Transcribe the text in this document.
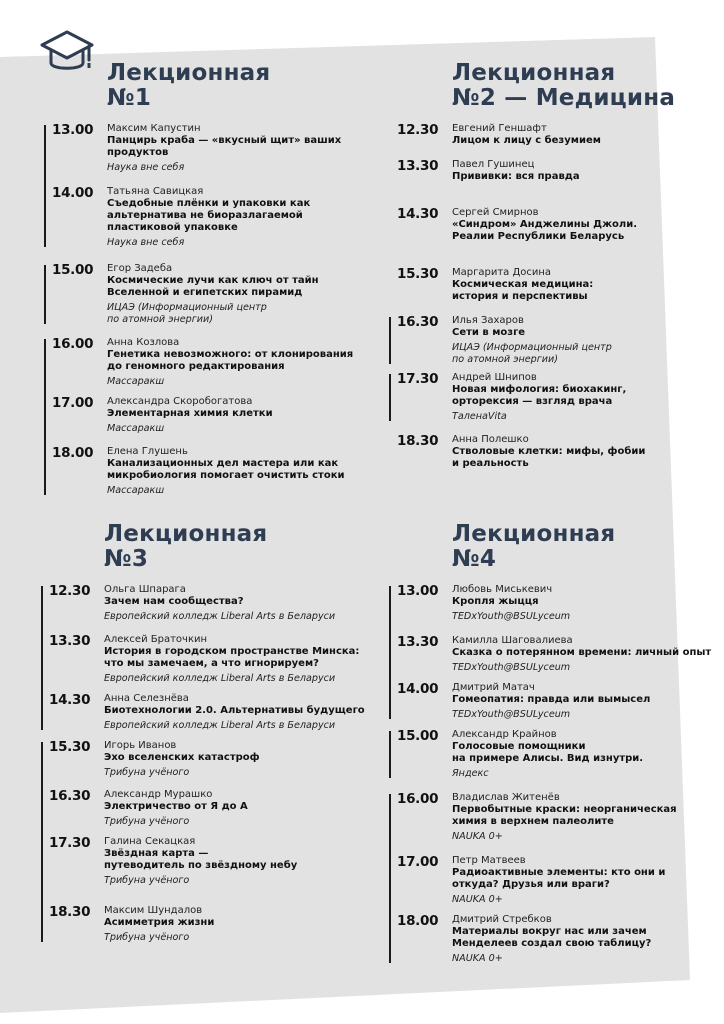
Лекционная
№1
13.00 Максим Капустин
Панцирь краба — «вкусный щит» ваших
продуктов
Наука вне себя
14.00 Татьяна Савицкая
Съедобные плёнки и упаковки как
альтернатива не биоразлагаемой
пластиковой упаковке
Наука вне себя
15.00 Егор Задеба
Космические лучи как ключ от тайн
Вселенной и египетских пирамид
ИЦАЭ (Информационный центр
по атомной энергии)
16.00 Анна Козлова
Генетика невозможного: от клонирования
до геномного редактирования
Массаракш
17.00 Александра Скоробогатова
Элементарная химия клетки
Массаракш
18.00 Елена Глушень
Канализационных дел мастера или как
микробиология помогает очистить стоки
Массаракш
Лекционная
№2 — Медицина
12.30 Евгений Геншафт
Лицом к лицу с безумием
13.30 Павел Гушинец
Прививки: вся правда
14.30 Сергей Смирнов
«Синдром» Анджелины Джоли.
Реалии Республики Беларусь
15.30 Маргарита Досина
Космическая медицина:
история и перспективы
16.30 Илья Захаров
Сети в мозге
ИЦАЭ (Информационный центр
по атомной энергии)
17.30 Андрей Шнипов
Новая мифология: биохакинг,
орторексия — взгляд врача
ТаленаVita
18.30 Анна Полешко
Стволовые клетки: мифы, фобии
и реальность
Лекционная
№3
12.30 Ольга Шпарага
Зачем нам сообщества?
Европейский колледж Liberal Arts в Беларуси
13.30 Алексей Браточкин
История в городском пространстве Минска:
что мы замечаем, а что игнорируем?
Европейский колледж Liberal Arts в Беларуси
14.30 Анна Селезнёва
Биотехнологии 2.0. Альтернативы будущего
Европейский колледж Liberal Arts в Беларуси
15.30 Игорь Иванов
Эхо вселенских катастроф
Трибуна учёного
16.30 Александр Мурашко
Электричество от Я до А
Трибуна учёного
17.30 Галина Секацкая
Звёздная карта —
путеводитель по звёздному небу
Трибуна учёного
18.30 Максим Шундалов
Асимметрия жизни
Трибуна учёного
Лекционная
№4
13.00 Любовь Миськевич
Кропля жыцця
TEDxYouth@BSULyceum
13.30 Камилла Шаговалиева
Сказка о потерянном времени: личный опыт
TEDxYouth@BSULyceum
14.00 Дмитрий Матач
Гомеопатия: правда или вымысел
TEDxYouth@BSULyceum
15.00 Александр Крайнов
Голосовые помощники
на примере Алисы. Вид изнутри.
Яндекс
16.00 Владислав Житенёв
Первобытные краски: неорганическая
химия в верхнем палеолите
NAUKA 0+
17.00 Петр Матвеев
Радиоактивные элементы: кто они и
откуда? Друзья или враги?
NAUKA 0+
18.00 Дмитрий Стребков
Материалы вокруг нас или зачем
Менделеев создал свою таблицу?
NAUKA 0+
